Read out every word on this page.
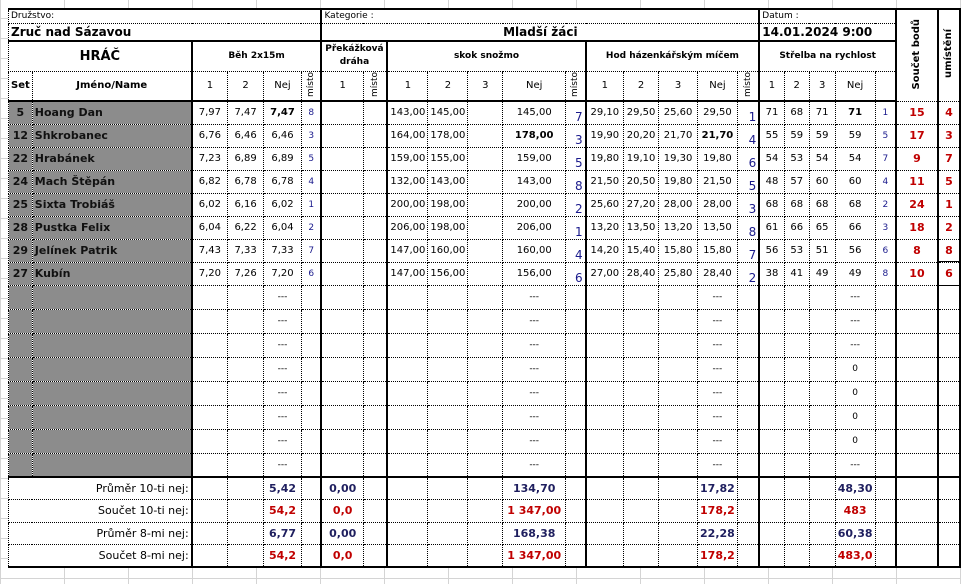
Družstvo:						Kategorie :												Datum :					Součet bodů	umístění
Zruč nad Sázavou						Mladší žáci												14.01.2024 9:00						
HRÁČ		Běh 2x15m				Překážková dráha		skok snožmo					Hod házenkářským míčem					Střelba na rychlost						
Set	Jméno/Name	1	2	Nej	místo	1	místo	1	2	3	Nej	místo	1	2	3	Nej	místo	1	2	3	Nej			
5	Hoang Dan	7,97	7,47	7,47	8			143,00	145,00		145,00	7	29,10	29,50	25,60	29,50	1	71	68	71	71	1	15	4
12	Shkrobanec	6,76	6,46	6,46	3			164,00	178,00		178,00	3	19,90	20,20	21,70	21,70	4	55	59	59	59	5	17	3
22	Hrabánek	7,23	6,89	6,89	5			159,00	155,00		159,00	5	19,80	19,10	19,30	19,80	6	54	53	54	54	7	9	7
24	Mach Štěpán	6,82	6,78	6,78	4			132,00	143,00		143,00	8	21,50	20,50	19,80	21,50	5	48	57	60	60	4	11	5
25	Sixta Trobiáš	6,02	6,16	6,02	1			200,00	198,00		200,00	2	25,60	27,20	28,00	28,00	3	68	68	68	68	2	24	1
28	Pustka Felix	6,04	6,22	6,04	2			206,00	198,00		206,00	1	13,20	13,50	13,20	13,50	8	61	66	65	66	3	18	2
29	Jelínek Patrik	7,43	7,33	7,33	7			147,00	160,00		160,00	4	14,20	15,40	15,80	15,80	7	56	53	51	56	6	8	8
27	Kubín	7,20	7,26	7,20	6			147,00	156,00		156,00	6	27,00	28,40	25,80	28,40	2	38	41	49	49	8	10	6
				---							---					---					---			
				---							---					---					---			
				---							---					---					---			
				---							---					---					0			
				---							---					---					0			
				---							---					---					0			
				---							---					---					0			
				---							---					---					---			
Průměr 10-ti nej:				5,42		0,00					134,70					17,82					48,30			
Součet 10-ti nej:				54,2		0,0					1 347,00					178,2					483			
Průměr 8-mi nej:				6,77		0,00					168,38					22,28					60,38			
Součet 8-mi nej:				54,2		0,0					1 347,00					178,2					483,0			
